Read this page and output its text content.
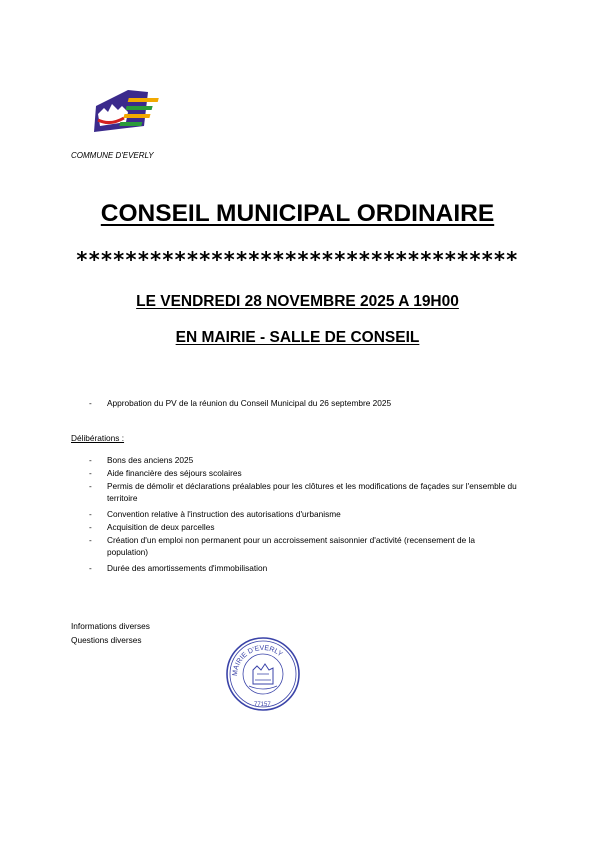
COMMUNE D'EVERLY
CONSEIL MUNICIPAL ORDINAIRE
************************************
LE VENDREDI 28 NOVEMBRE 2025 A 19H00
EN MAIRIE - SALLE DE CONSEIL
- Approbation du PV de la réunion du Conseil Municipal du 26 septembre 2025
Délibérations :
- Bons des anciens 2025
- Aide financière des séjours scolaires
- Permis de démolir et déclarations préalables pour les clôtures et les modifications de façades sur l'ensemble du territoire
- Convention relative à l'instruction des autorisations d'urbanisme
- Acquisition de deux parcelles
- Création d'un emploi non permanent pour un accroissement saisonnier d'activité (recensement de la population)
- Durée des amortissements d'immobilisation
Informations diverses
Questions diverses
MAIRIE D'EVERLY
77157
